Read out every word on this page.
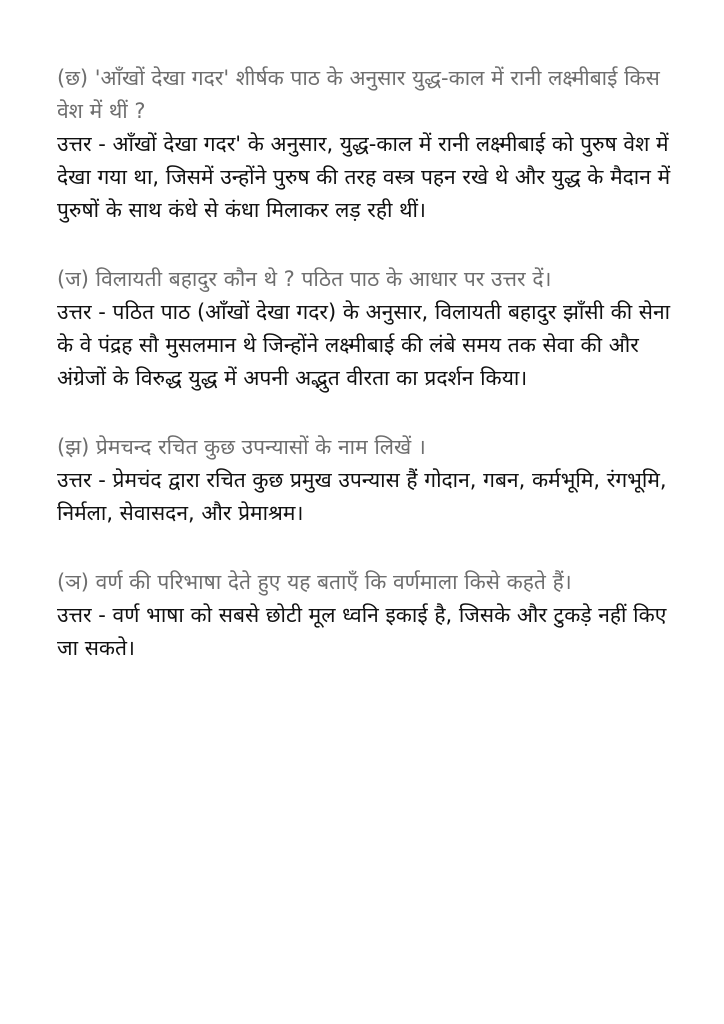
(छ) 'आँखों देखा गदर' शीर्षक पाठ के अनुसार युद्ध-काल में रानी लक्ष्मीबाई किस वेश में थीं ?

उत्तर - आँखों देखा गदर' के अनुसार, युद्ध-काल में रानी लक्ष्मीबाई को पुरुष वेश में देखा गया था, जिसमें उन्होंने पुरुष की तरह वस्त्र पहन रखे थे और युद्ध के मैदान में पुरुषों के साथ कंधे से कंधा मिलाकर लड़ रही थीं।

(ज) विलायती बहादुर कौन थे ? पठित पाठ के आधार पर उत्तर दें।

उत्तर - पठित पाठ (आँखों देखा गदर) के अनुसार, विलायती बहादुर झाँसी की सेना के वे पंद्रह सौ मुसलमान थे जिन्होंने लक्ष्मीबाई की लंबे समय तक सेवा की और अंग्रेजों के विरुद्ध युद्ध में अपनी अद्भुत वीरता का प्रदर्शन किया।

(झ) प्रेमचन्द रचित कुछ उपन्यासों के नाम लिखें ।

उत्तर - प्रेमचंद द्वारा रचित कुछ प्रमुख उपन्यास हैं गोदान, गबन, कर्मभूमि, रंगभूमि, निर्मला, सेवासदन, और प्रेमाश्रम।

(ञ) वर्ण की परिभाषा देते हुए यह बताएँ कि वर्णमाला किसे कहते हैं।

उत्तर - वर्ण भाषा को सबसे छोटी मूल ध्वनि इकाई है, जिसके और टुकड़े नहीं किए जा सकते।
